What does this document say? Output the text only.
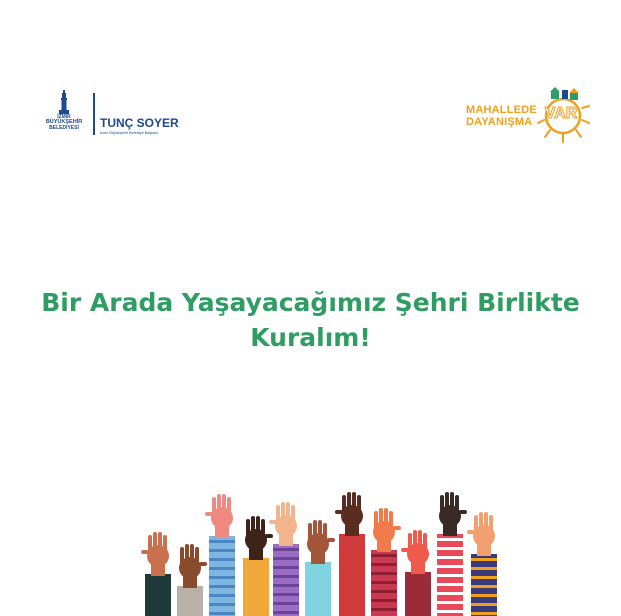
İZMİR
BÜYÜKŞEHİR
BELEDİYESİ	TUNÇ SOYER
İzmir Büyükşehir Belediye Başkanı
MAHALLEDE
DAYANIŞMA VAR
Bir Arada Yaşayacağımız Şehri Birlikte
Kuralım!
